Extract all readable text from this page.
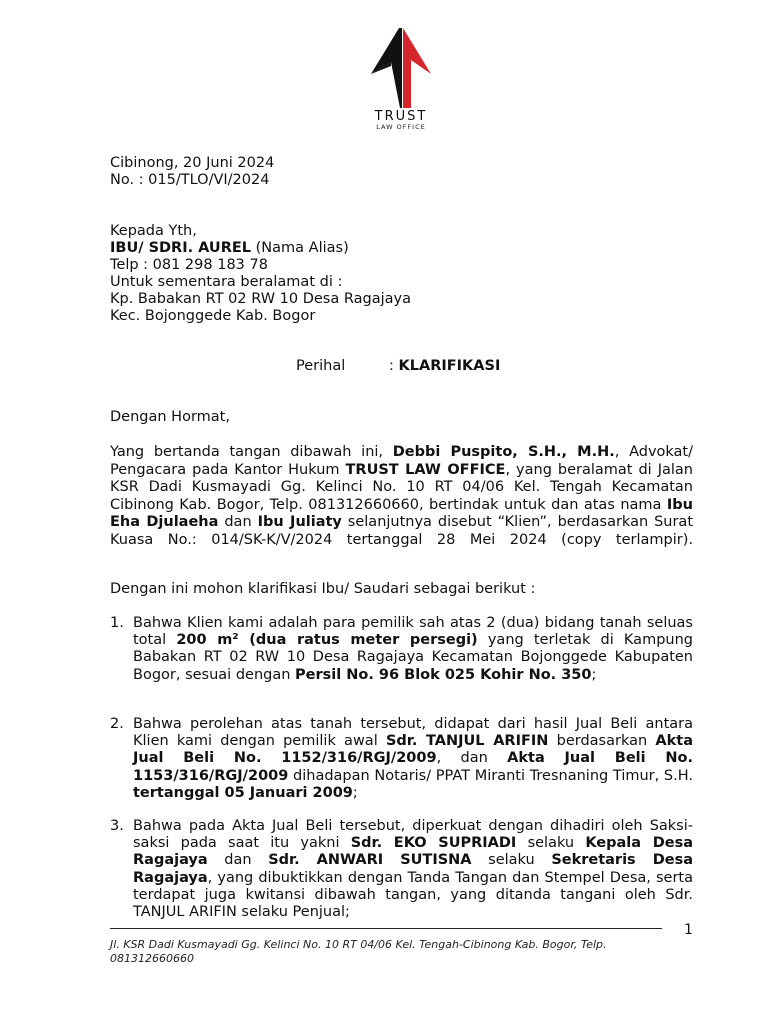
TRUST
LAW OFFICE
Cibinong, 20 Juni 2024
No. : 015/TLO/VI/2024
Kepada Yth,
IBU/ SDRI. AUREL (Nama Alias)
Telp : 081 298 183 78
Untuk sementara beralamat di :
Kp. Babakan RT 02 RW 10 Desa Ragajaya
Kec. Bojonggede Kab. Bogor
Perihal	: KLARIFIKASI
Dengan Hormat,
Yang bertanda tangan dibawah ini, Debbi Puspito, S.H., M.H., Advokat/ Pengacara pada Kantor Hukum TRUST LAW OFFICE, yang beralamat di Jalan KSR Dadi Kusmayadi Gg. Kelinci No. 10 RT 04/06 Kel. Tengah Kecamatan Cibinong Kab. Bogor, Telp. 081312660660, bertindak untuk dan atas nama Ibu Eha Djulaeha dan Ibu Juliaty selanjutnya disebut “Klien”, berdasarkan Surat Kuasa No.: 014/SK-K/V/2024 tertanggal 28 Mei 2024 (copy terlampir).
Dengan ini mohon klarifikasi Ibu/ Saudari sebagai berikut :
1. Bahwa Klien kami adalah para pemilik sah atas 2 (dua) bidang tanah seluas total 200 m² (dua ratus meter persegi) yang terletak di Kampung Babakan RT 02 RW 10 Desa Ragajaya Kecamatan Bojonggede Kabupaten Bogor, sesuai dengan Persil No. 96 Blok 025 Kohir No. 350;
2. Bahwa perolehan atas tanah tersebut, didapat dari hasil Jual Beli antara Klien kami dengan pemilik awal Sdr. TANJUL ARIFIN berdasarkan Akta Jual Beli No. 1152/316/RGJ/2009, dan Akta Jual Beli No. 1153/316/RGJ/2009 dihadapan Notaris/ PPAT Miranti Tresnaning Timur, S.H. tertanggal 05 Januari 2009;
3. Bahwa pada Akta Jual Beli tersebut, diperkuat dengan dihadiri oleh Saksi-saksi pada saat itu yakni Sdr. EKO SUPRIADI selaku Kepala Desa Ragajaya dan Sdr. ANWARI SUTISNA selaku Sekretaris Desa Ragajaya, yang dibuktikkan dengan Tanda Tangan dan Stempel Desa, serta terdapat juga kwitansi dibawah tangan, yang ditanda tangani oleh Sdr. TANJUL ARIFIN selaku Penjual;
1
Jl. KSR Dadi Kusmayadi Gg. Kelinci No. 10 RT 04/06 Kel. Tengah-Cibinong Kab. Bogor, Telp. 081312660660
